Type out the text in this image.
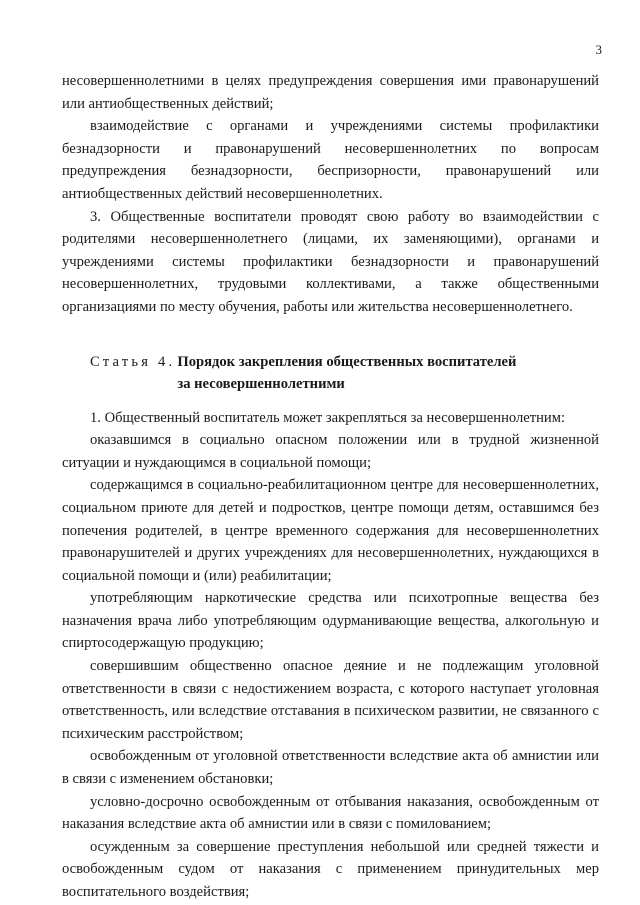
3

несовершеннолетними в целях предупреждения совершения ими правонарушений или антиобщественных действий;

взаимодействие с органами и учреждениями системы профилактики безнадзорности и правонарушений несовершеннолетних по вопросам предупреждения безнадзорности, беспризорности, правонарушений или антиобщественных действий несовершеннолетних.

3. Общественные воспитатели проводят свою работу во взаимодействии с родителями несовершеннолетнего (лицами, их заменяющими), органами и учреждениями системы профилактики безнадзорности и правонарушений несовершеннолетних, трудовыми коллективами, а также общественными организациями по месту обучения, работы или жительства несовершеннолетнего.

Статья 4. Порядок закрепления общественных воспитателей
за несовершеннолетними

1. Общественный воспитатель может закрепляться за несовершеннолетним:

оказавшимся в социально опасном положении или в трудной жизненной ситуации и нуждающимся в социальной помощи;

содержащимся в социально-реабилитационном центре для несовершеннолетних, социальном приюте для детей и подростков, центре помощи детям, оставшимся без попечения родителей, в центре временного содержания для несовершеннолетних правонарушителей и других учреждениях для несовершеннолетних, нуждающихся в социальной помощи и (или) реабилитации;

употребляющим наркотические средства или психотропные вещества без назначения врача либо употребляющим одурманивающие вещества, алкогольную и спиртосодержащую продукцию;

совершившим общественно опасное деяние и не подлежащим уголовной ответственности в связи с недостижением возраста, с которого наступает уголовная ответственность, или вследствие отставания в психическом развитии, не связанного с психическим расстройством;

освобожденным от уголовной ответственности вследствие акта об амнистии или в связи с изменением обстановки;

условно-досрочно освобожденным от отбывания наказания, освобожденным от наказания вследствие акта об амнистии или в связи с помилованием;

осужденным за совершение преступления небольшой или средней тяжести и освобожденным судом от наказания с применением принудительных мер воспитательного воздействия;
